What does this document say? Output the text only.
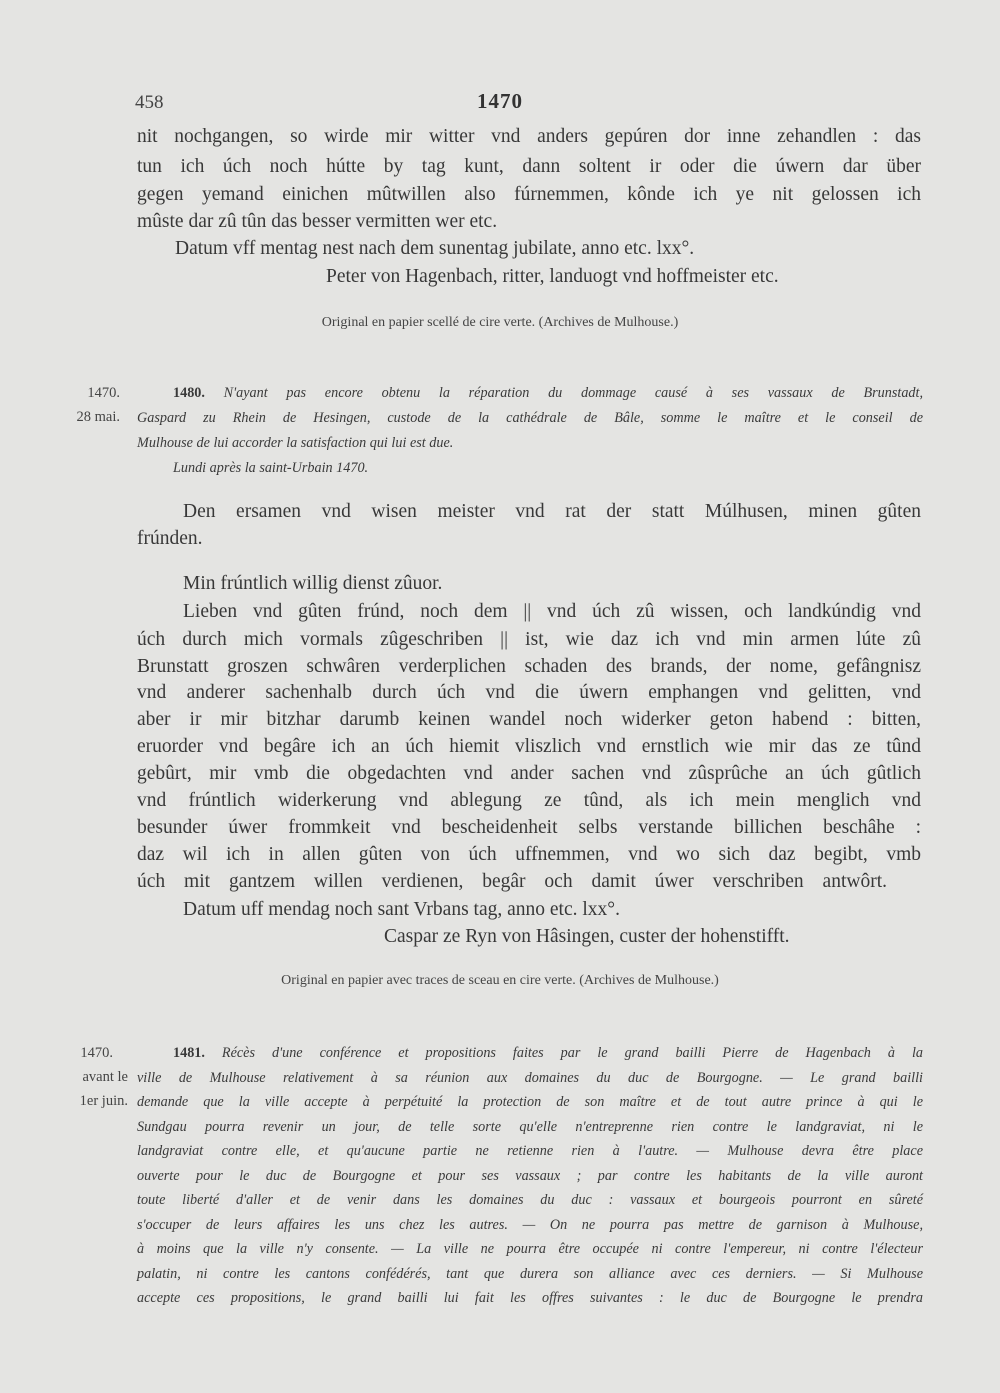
458	1470
nit nochgangen, so wirde mir witter vnd anders gepúren dor inne zehandlen : das
tun ich úch noch hútte by tag kunt, dann soltent ir oder die úwern dar über
gegen yemand einichen mûtwillen also fúrnemmen, kônde ich ye nit gelossen ich
mûste dar zû tûn das besser vermitten wer etc.
Datum vff mentag nest nach dem sunentag jubilate, anno etc. lxx°.
Peter von Hagenbach, ritter, landuogt vnd hoffmeister etc.
Original en papier scellé de cire verte. (Archives de Mulhouse.)
1470.
28 mai.
1480. N'ayant pas encore obtenu la réparation du dommage causé à ses vassaux de Brunstadt,
Gaspard zu Rhein de Hesingen, custode de la cathédrale de Bâle, somme le maître et le conseil de
Mulhouse de lui accorder la satisfaction qui lui est due.
Lundi après la saint-Urbain 1470.
Den ersamen vnd wisen meister vnd rat der statt Múlhusen, minen gûten
frúnden.
Min frúntlich willig dienst zûuor.
Lieben vnd gûten frúnd, noch dem || vnd úch zû wissen, och landkúndig vnd
úch durch mich vormals zûgeschriben || ist, wie daz ich vnd min armen lúte zû
Brunstatt groszen schwâren verderplichen schaden des brands, der nome, gefângnisz
vnd anderer sachenhalb durch úch vnd die úwern emphangen vnd gelitten, vnd
aber ir mir bitzhar darumb keinen wandel noch widerker geton habend : bitten,
eruorder vnd begâre ich an úch hiemit vliszlich vnd ernstlich wie mir das ze tûnd
gebûrt, mir vmb die obgedachten vnd ander sachen vnd zûsprûche an úch gûtlich
vnd frúntlich widerkerung vnd ablegung ze tûnd, als ich mein menglich vnd
besunder úwer frommkeit vnd bescheidenheit selbs verstande billichen beschâhe :
daz wil ich in allen gûten von úch uffnemmen, vnd wo sich daz begibt, vmb
úch mit gantzem willen verdienen, begâr och damit úwer verschriben antwôrt.
Datum uff mendag noch sant Vrbans tag, anno etc. lxx°.
Caspar ze Ryn von Hâsingen, custer der hohenstifft.
Original en papier avec traces de sceau en cire verte. (Archives de Mulhouse.)
1470.
avant le
1er juin.
1481. Récès d'une conférence et propositions faites par le grand bailli Pierre de Hagenbach à la
ville de Mulhouse relativement à sa réunion aux domaines du duc de Bourgogne. — Le grand bailli
demande que la ville accepte à perpétuité la protection de son maître et de tout autre prince à qui le
Sundgau pourra revenir un jour, de telle sorte qu'elle n'entreprenne rien contre le landgraviat, ni le
landgraviat contre elle, et qu'aucune partie ne retienne rien à l'autre. — Mulhouse devra être place
ouverte pour le duc de Bourgogne et pour ses vassaux ; par contre les habitants de la ville auront
toute liberté d'aller et de venir dans les domaines du duc : vassaux et bourgeois pourront en sûreté
s'occuper de leurs affaires les uns chez les autres. — On ne pourra pas mettre de garnison à Mulhouse,
à moins que la ville n'y consente. — La ville ne pourra être occupée ni contre l'empereur, ni contre l'électeur
palatin, ni contre les cantons confédérés, tant que durera son alliance avec ces derniers. — Si Mulhouse
accepte ces propositions, le grand bailli lui fait les offres suivantes : le duc de Bourgogne le prendra
